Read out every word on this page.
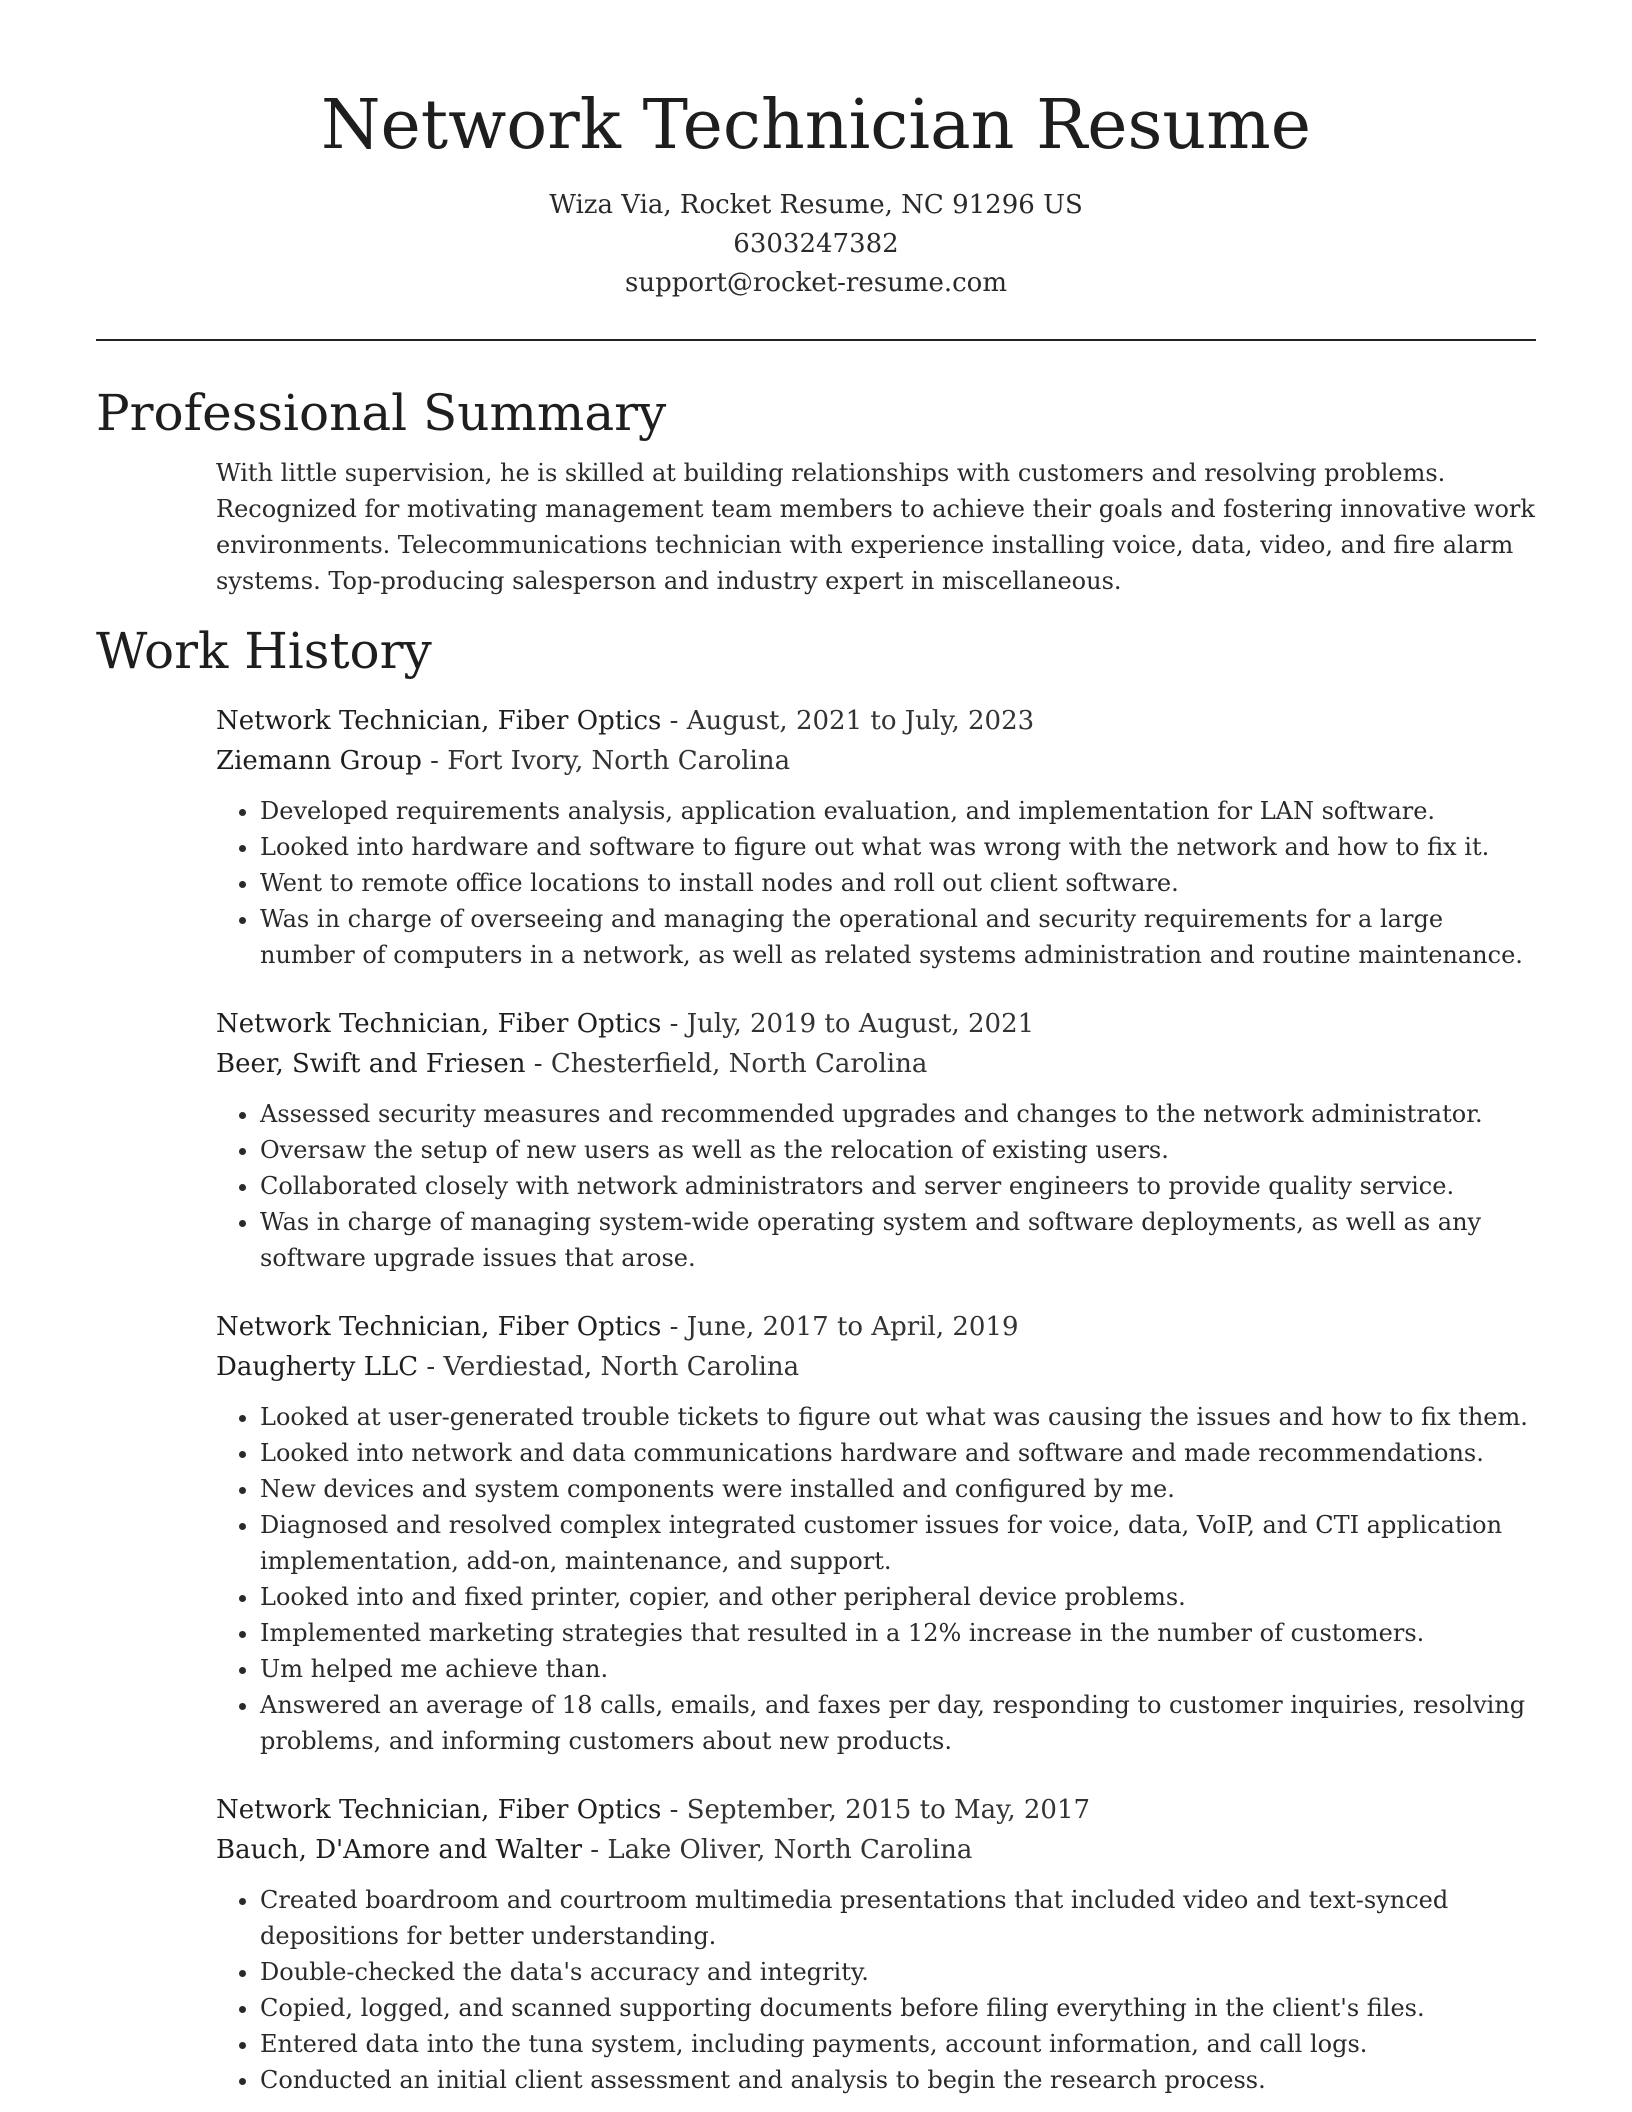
Network Technician Resume
Wiza Via, Rocket Resume, NC 91296 US
6303247382
support@rocket-resume.com
Professional Summary

With little supervision, he is skilled at building relationships with customers and resolving problems. Recognized for motivating management team members to achieve their goals and fostering innovative work environments. Telecommunications technician with experience installing voice, data, video, and fire alarm systems. Top-producing salesperson and industry expert in miscellaneous.

Work History
Network Technician, Fiber Optics - August, 2021 to July, 2023
Ziemann Group - Fort Ivory, North Carolina
• Developed requirements analysis, application evaluation, and implementation for LAN software.
• Looked into hardware and software to figure out what was wrong with the network and how to fix it.
• Went to remote office locations to install nodes and roll out client software.
• Was in charge of overseeing and managing the operational and security requirements for a large number of computers in a network, as well as related systems administration and routine maintenance.
Network Technician, Fiber Optics - July, 2019 to August, 2021
Beer, Swift and Friesen - Chesterfield, North Carolina
• Assessed security measures and recommended upgrades and changes to the network administrator.
• Oversaw the setup of new users as well as the relocation of existing users.
• Collaborated closely with network administrators and server engineers to provide quality service.
• Was in charge of managing system-wide operating system and software deployments, as well as any software upgrade issues that arose.
Network Technician, Fiber Optics - June, 2017 to April, 2019
Daugherty LLC - Verdiestad, North Carolina
• Looked at user-generated trouble tickets to figure out what was causing the issues and how to fix them.
• Looked into network and data communications hardware and software and made recommendations.
• New devices and system components were installed and configured by me.
• Diagnosed and resolved complex integrated customer issues for voice, data, VoIP, and CTI application implementation, add-on, maintenance, and support.
• Looked into and fixed printer, copier, and other peripheral device problems.
• Implemented marketing strategies that resulted in a 12% increase in the number of customers.
• Um helped me achieve than.
• Answered an average of 18 calls, emails, and faxes per day, responding to customer inquiries, resolving problems, and informing customers about new products.
Network Technician, Fiber Optics - September, 2015 to May, 2017
Bauch, D'Amore and Walter - Lake Oliver, North Carolina
• Created boardroom and courtroom multimedia presentations that included video and text-synced depositions for better understanding.
• Double-checked the data's accuracy and integrity.
• Copied, logged, and scanned supporting documents before filing everything in the client's files.
• Entered data into the tuna system, including payments, account information, and call logs.
• Conducted an initial client assessment and analysis to begin the research process.
